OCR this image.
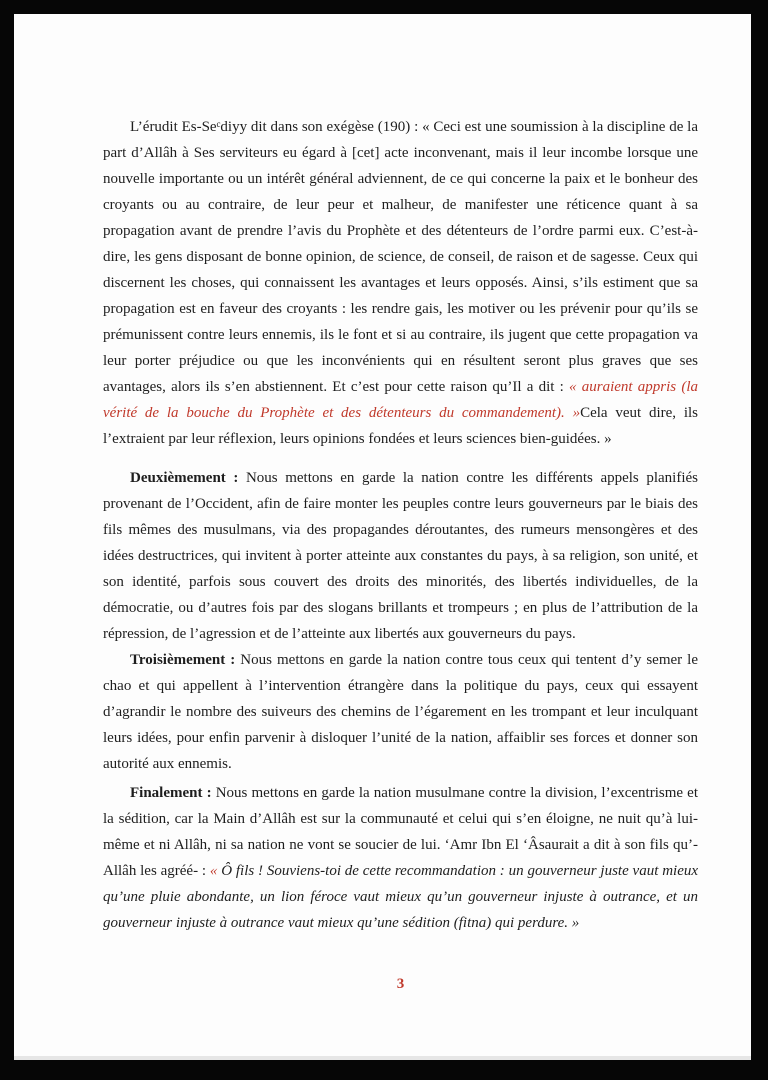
L’érudit Es-Seᶜdiyy dit dans son exégèse (190) : « Ceci est une soumission à la discipline de la part d’Allâh à Ses serviteurs eu égard à [cet] acte inconvenant, mais il leur incombe lorsque une nouvelle importante ou un intérêt général adviennent, de ce qui concerne la paix et le bonheur des croyants ou au contraire, de leur peur et malheur, de manifester une réticence quant à sa propagation avant de prendre l’avis du Prophète et des détenteurs de l’ordre parmi eux. C’est-à-dire, les gens disposant de bonne opinion, de science, de conseil, de raison et de sagesse. Ceux qui discernent les choses, qui connaissent les avantages et leurs opposés. Ainsi, s’ils estiment que sa propagation est en faveur des croyants : les rendre gais, les motiver ou les prévenir pour qu’ils se prémunissent contre leurs ennemis, ils le font et si au contraire, ils jugent que cette propagation va leur porter préjudice ou que les inconvénients qui en résultent seront plus graves que ses avantages, alors ils s’en abstiennent. Et c’est pour cette raison qu’Il a dit : « auraient appris (la vérité de la bouche du Prophète et des détenteurs du commandement). »Cela veut dire, ils l’extraient par leur réflexion, leurs opinions fondées et leurs sciences bien-guidées. »

Deuxièmement : Nous mettons en garde la nation contre les différents appels planifiés provenant de l’Occident, afin de faire monter les peuples contre leurs gouverneurs par le biais des fils mêmes des musulmans, via des propagandes déroutantes, des rumeurs mensongères et des idées destructrices, qui invitent à porter atteinte aux constantes du pays, à sa religion, son unité, et son identité, parfois sous couvert des droits des minorités, des libertés individuelles, de la démocratie, ou d’autres fois par des slogans brillants et trompeurs ; en plus de l’attribution de la répression, de l’agression et de l’atteinte aux libertés aux gouverneurs du pays.

Troisièmement : Nous mettons en garde la nation contre tous ceux qui tentent d’y semer le chao et qui appellent à l’intervention étrangère dans la politique du pays, ceux qui essayent d’agrandir le nombre des suiveurs des chemins de l’égarement en les trompant et leur inculquant leurs idées, pour enfin parvenir à disloquer l’unité de la nation, affaiblir ses forces et donner son autorité aux ennemis.

Finalement : Nous mettons en garde la nation musulmane contre la division, l’excentrisme et la sédition, car la Main d’Allâh est sur la communauté et celui qui s’en éloigne, ne nuit qu’à lui-même et ni Allâh, ni sa nation ne vont se soucier de lui. ‘Amr Ibn El ‘Âsaurait a dit à son fils qu’-Allâh les agréé- : « Ô fils ! Souviens-toi de cette recommandation : un gouverneur juste vaut mieux qu’une pluie abondante, un lion féroce vaut mieux qu’un gouverneur injuste à outrance, et un gouverneur injuste à outrance vaut mieux qu’une sédition (fitna) qui perdure. »

3
